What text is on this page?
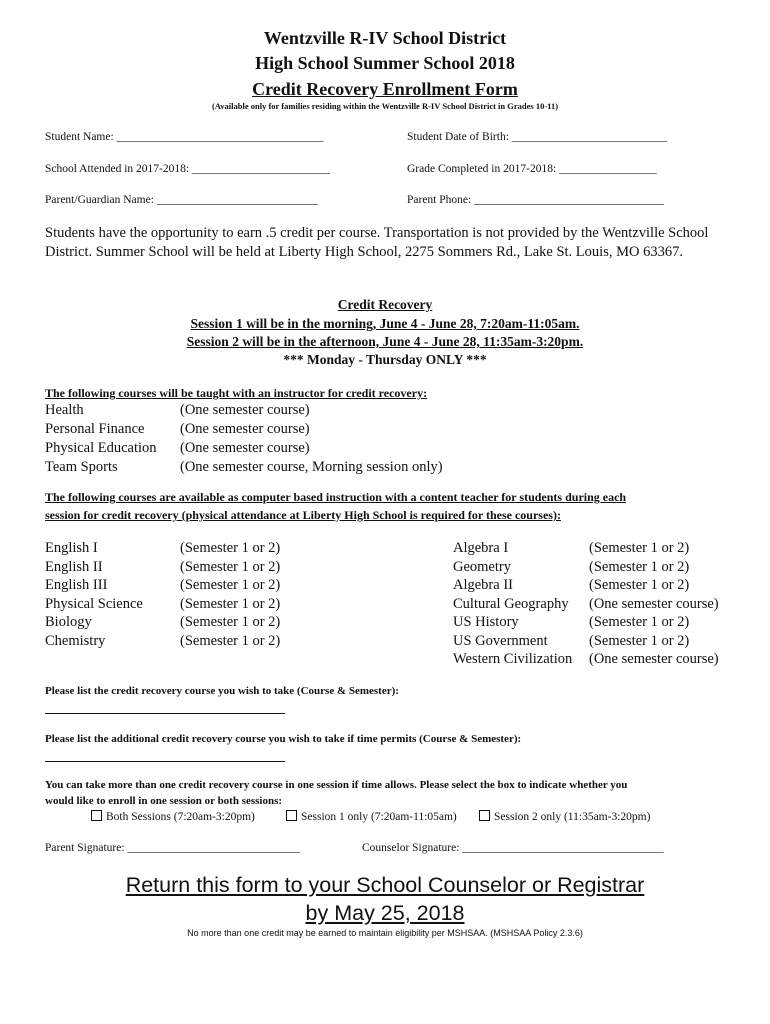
Wentzville R-IV School District
High School Summer School 2018
Credit Recovery Enrollment Form
(Available only for families residing within the Wentzville R-IV School District in Grades 10-11)
Student Name: ____________________________________	Student Date of Birth: ___________________________
School Attended in 2017-2018: ________________________	Grade Completed in 2017-2018: _________________
Parent/Guardian Name: ____________________________	Parent Phone: _________________________________
Students have the opportunity to earn .5 credit per course. Transportation is not provided by the Wentzville School District. Summer School will be held at Liberty High School, 2275 Sommers Rd., Lake St. Louis, MO 63367.
Credit Recovery
Session 1 will be in the morning, June 4 - June 28, 7:20am-11:05am.
Session 2 will be in the afternoon, June 4 - June 28, 11:35am-3:20pm.
*** Monday - Thursday ONLY ***
The following courses will be taught with an instructor for credit recovery:
Health	(One semester course)
Personal Finance (One semester course)
Physical Education (One semester course)
Team Sports	(One semester course, Morning session only)
The following courses are available as computer based instruction with a content teacher for students during each
session for credit recovery (physical attendance at Liberty High School is required for these courses):
English I	(Semester 1 or 2)
English II	(Semester 1 or 2)
English III	(Semester 1 or 2)
Physical Science	(Semester 1 or 2)
Biology	(Semester 1 or 2)
Chemistry	(Semester 1 or 2)
Algebra I	(Semester 1 or 2)
Geometry	(Semester 1 or 2)
Algebra II	(Semester 1 or 2)
Cultural Geography (One semester course)
US History	(Semester 1 or 2)
US Government	(Semester 1 or 2)
Western Civilization (One semester course)
Please list the credit recovery course you wish to take (Course & Semester):
Please list the additional credit recovery course you wish to take if time permits (Course & Semester):
You can take more than one credit recovery course in one session if time allows. Please select the box to indicate whether you
would like to enroll in one session or both sessions:
Both Sessions (7:20am-3:20pm)	Session 1 only (7:20am-11:05am)	Session 2 only (11:35am-3:20pm)
Parent Signature: ______________________________	Counselor Signature: ___________________________________
Return this form to your School Counselor or Registrar
by May 25, 2018
No more than one credit may be earned to maintain eligibility per MSHSAA. (MSHSAA Policy 2.3.6)
